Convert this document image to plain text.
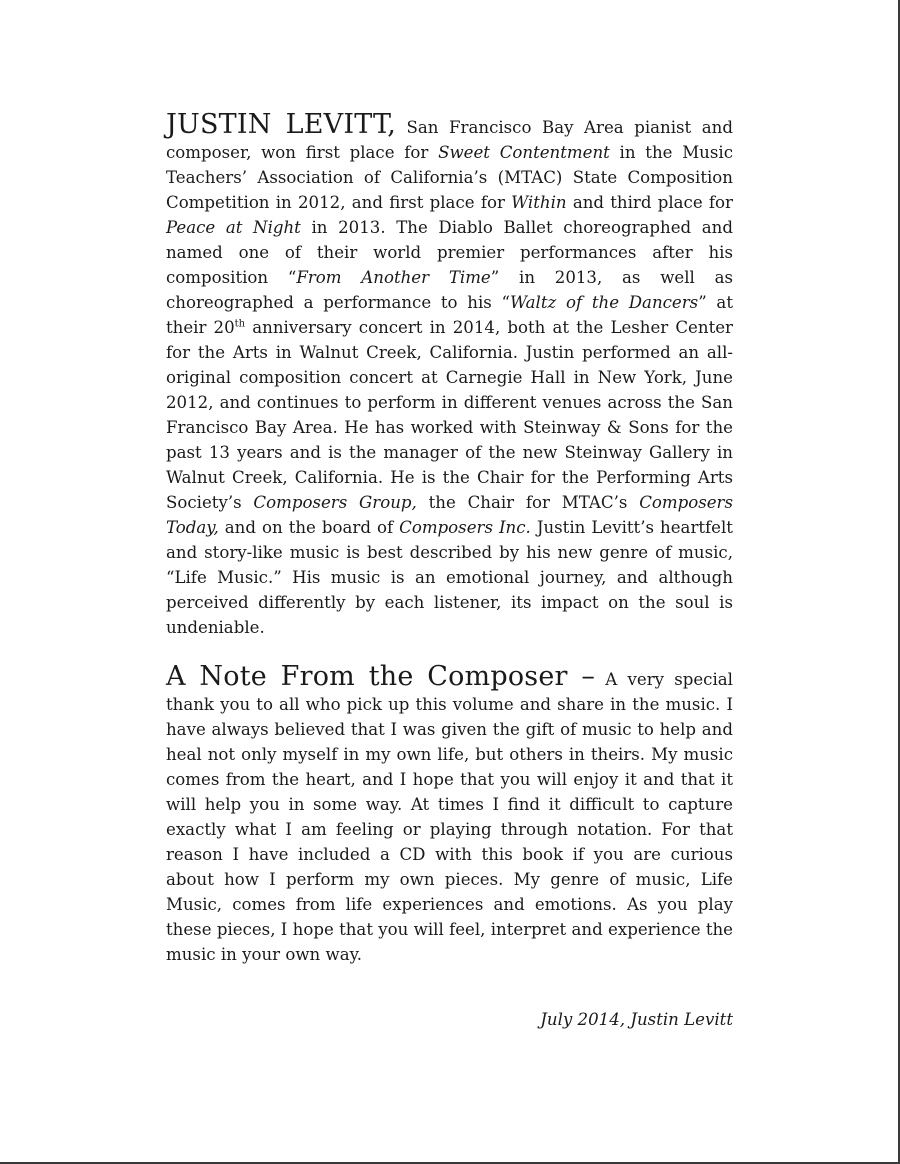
JUSTIN LEVITT, San Francisco Bay Area pianist and composer, won first place for Sweet Contentment in the Music Teachers’ Association of California’s (MTAC) State Composition Competition in 2012, and first place for Within and third place for Peace at Night in 2013. The Diablo Ballet choreographed and named one of their world premier performances after his composition “From Another Time” in 2013, as well as choreographed a performance to his “Waltz of the Dancers” at their 20th anniversary concert in 2014, both at the Lesher Center for the Arts in Walnut Creek, California. Justin performed an all-original composition concert at Carnegie Hall in New York, June 2012, and continues to perform in different venues across the San Francisco Bay Area. He has worked with Steinway & Sons for the past 13 years and is the manager of the new Steinway Gallery in Walnut Creek, California. He is the Chair for the Performing Arts Society’s Composers Group, the Chair for MTAC’s Composers Today, and on the board of Composers Inc. Justin Levitt’s heartfelt and story-like music is best described by his new genre of music, “Life Music.” His music is an emotional journey, and although perceived differently by each listener, its impact on the soul is undeniable.

A Note From the Composer – A very special thank you to all who pick up this volume and share in the music. I have always believed that I was given the gift of music to help and heal not only myself in my own life, but others in theirs. My music comes from the heart, and I hope that you will enjoy it and that it will help you in some way. At times I find it difficult to capture exactly what I am feeling or playing through notation. For that reason I have included a CD with this book if you are curious about how I perform my own pieces. My genre of music, Life Music, comes from life experiences and emotions. As you play these pieces, I hope that you will feel, interpret and experience the music in your own way.

July 2014, Justin Levitt
